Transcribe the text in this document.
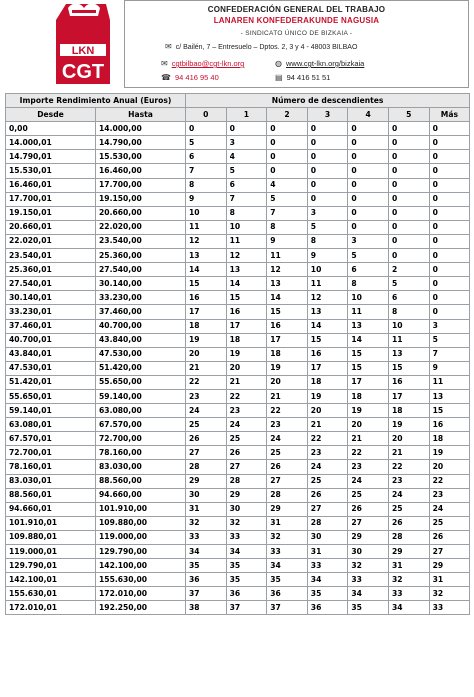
LKN
CGT
CONFEDERACIÓN GENERAL DEL TRABAJO
LANAREN KONFEDERAKUNDE NAGUSIA
- SINDICATO ÚNICO DE BIZKAIA -
✉ c/ Bailén, 7 – Entresuelo – Dptos. 2, 3 y 4 - 48003 BILBAO
✉ cgtbilbao@cgt-lkn.org
☎ 94 416 95 40
◍ www.cgt-lkn.org/bizkaia
▤ 94 416 51 51
Importe Rendimiento Anual (Euros)		Número de descendientes						
Desde	Hasta	0	1	2	3	4	5	Más
0,00	14.000,00	0	0	0	0	0	0	0
14.000,01	14.790,00	5	3	0	0	0	0	0
14.790,01	15.530,00	6	4	0	0	0	0	0
15.530,01	16.460,00	7	5	0	0	0	0	0
16.460,01	17.700,00	8	6	4	0	0	0	0
17.700,01	19.150,00	9	7	5	0	0	0	0
19.150,01	20.660,00	10	8	7	3	0	0	0
20.660,01	22.020,00	11	10	8	5	0	0	0
22.020,01	23.540,00	12	11	9	8	3	0	0
23.540,01	25.360,00	13	12	11	9	5	0	0
25.360,01	27.540,00	14	13	12	10	6	2	0
27.540,01	30.140,00	15	14	13	11	8	5	0
30.140,01	33.230,00	16	15	14	12	10	6	0
33.230,01	37.460,00	17	16	15	13	11	8	0
37.460,01	40.700,00	18	17	16	14	13	10	3
40.700,01	43.840,00	19	18	17	15	14	11	5
43.840,01	47.530,00	20	19	18	16	15	13	7
47.530,01	51.420,00	21	20	19	17	15	15	9
51.420,01	55.650,00	22	21	20	18	17	16	11
55.650,01	59.140,00	23	22	21	19	18	17	13
59.140,01	63.080,00	24	23	22	20	19	18	15
63.080,01	67.570,00	25	24	23	21	20	19	16
67.570,01	72.700,00	26	25	24	22	21	20	18
72.700,01	78.160,00	27	26	25	23	22	21	19
78.160,01	83.030,00	28	27	26	24	23	22	20
83.030,01	88.560,00	29	28	27	25	24	23	22
88.560,01	94.660,00	30	29	28	26	25	24	23
94.660,01	101.910,00	31	30	29	27	26	25	24
101.910,01	109.880,00	32	32	31	28	27	26	25
109.880,01	119.000,00	33	33	32	30	29	28	26
119.000,01	129.790,00	34	34	33	31	30	29	27
129.790,01	142.100,00	35	35	34	33	32	31	29
142.100,01	155.630,00	36	35	35	34	33	32	31
155.630,01	172.010,00	37	36	36	35	34	33	32
172.010,01	192.250,00	38	37	37	36	35	34	33
